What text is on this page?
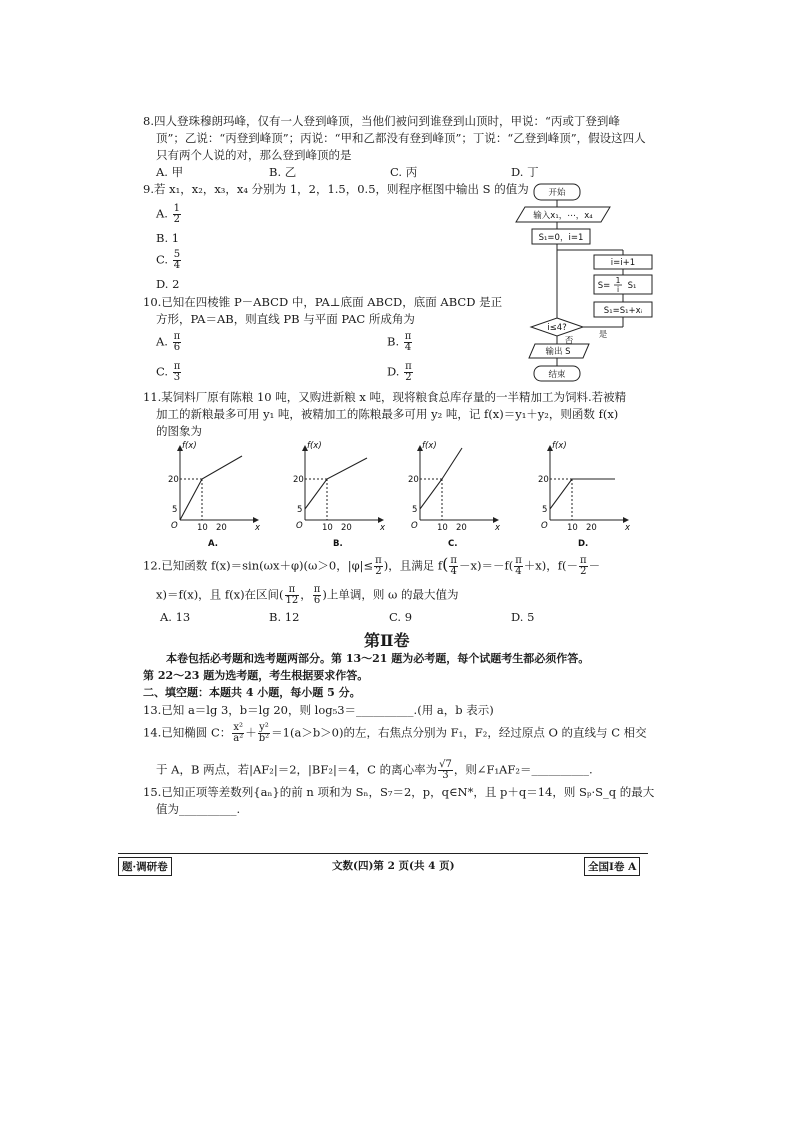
8.四人登珠穆朗玛峰，仅有一人登到峰顶，当他们被问到谁登到山顶时，甲说：“丙或丁登到峰
顶”；乙说：“丙登到峰顶”；丙说：“甲和乙都没有登到峰顶”；丁说：“乙登到峰顶”，假设这四人
只有两个人说的对，那么登到峰顶的是
A. 甲	B. 乙	C. 丙	D. 丁
9.若 x₁，x₂，x₃，x₄ 分别为 1，2，1.5，0.5，则程序框图中输出 S 的值为
A. $\frac{1}{2}$
B. 1
C. $\frac{5}{4}$
D. 2
开始
输入x₁，⋯，x₄
S₁=0，i=1
i=i+1
S=
1
i S₁
S₁=S₁+xᵢ
i≤4?
否
是
输出 S
结束
10.已知在四棱锥 P－ABCD 中，PA⊥底面 ABCD，底面 ABCD 是正
方形，PA＝AB，则直线 PB 与平面 PAC 所成角为
A. $\frac{\pi}{6}$	B. $\frac{\pi}{4}$
C. $\frac{\pi}{3}$	D. $\frac{\pi}{2}$
11.某饲料厂原有陈粮 10 吨，又购进新粮 x 吨，现将粮食总库存量的一半精加工为饲料.若被精
加工的新粮最多可用 y₁ 吨，被精加工的陈粮最多可用 y₂ 吨，记 f(x)＝y₁＋y₂，则函数 f(x)
的图象为
f(x)
20
5
O 10 20	x
A.
f(x)
20
5
O 10 20	x
B.
f(x)
20
5
O 10 20	x
C.
f(x)
20
5
O 10 20	x
D.
12.已知函数 f(x)＝sin(ωx＋φ)(ω＞0，$|\varphi|\le \frac{\pi}{2}$ )，且满足 $f( \frac{\pi}{4} -x)=-f( \frac{\pi}{4} +x)$，$f(- \frac{\pi}{2}$ －
x)＝f(x)，且 f(x)在区间( $\frac{\pi}{12}$ ， $\frac{\pi}{6}$ )上单调，则 ω 的最大值为
A. 13	B. 12	C. 9	D. 5
第Ⅱ卷
本卷包括必考题和选考题两部分。第 13～21 题为必考题，每个试题考生都必须作答。
第 22～23 题为选考题，考生根据要求作答。
二、填空题：本题共 4 小题，每小题 5 分。
13.已知 a＝lg 3，b＝lg 20，则 log₅3＝__________.(用 a，b 表示)
14.已知椭圆 C： $\frac{\text{x²}}{\text{a²}} + \frac{\text{y²}}{\text{b²}} =1(a>b>0)$的左，右焦点分别为 F₁，F₂，经过原点 O 的直线与 C 相交
于 A，B 两点，若|AF₂|＝2，|BF₂|＝4，C 的离心率为 $\frac{√7}{3}$ ，则∠F₁AF₂＝__________.
15.已知正项等差数列{aₙ}的前 n 项和为 Sₙ，S₇＝2，p，q∈N*，且 p＋q＝14，则 Sₚ·S_q 的最大
值为__________.
题·调研卷	文数(四)第 2 页(共 4 页)	全国Ⅰ卷 A
